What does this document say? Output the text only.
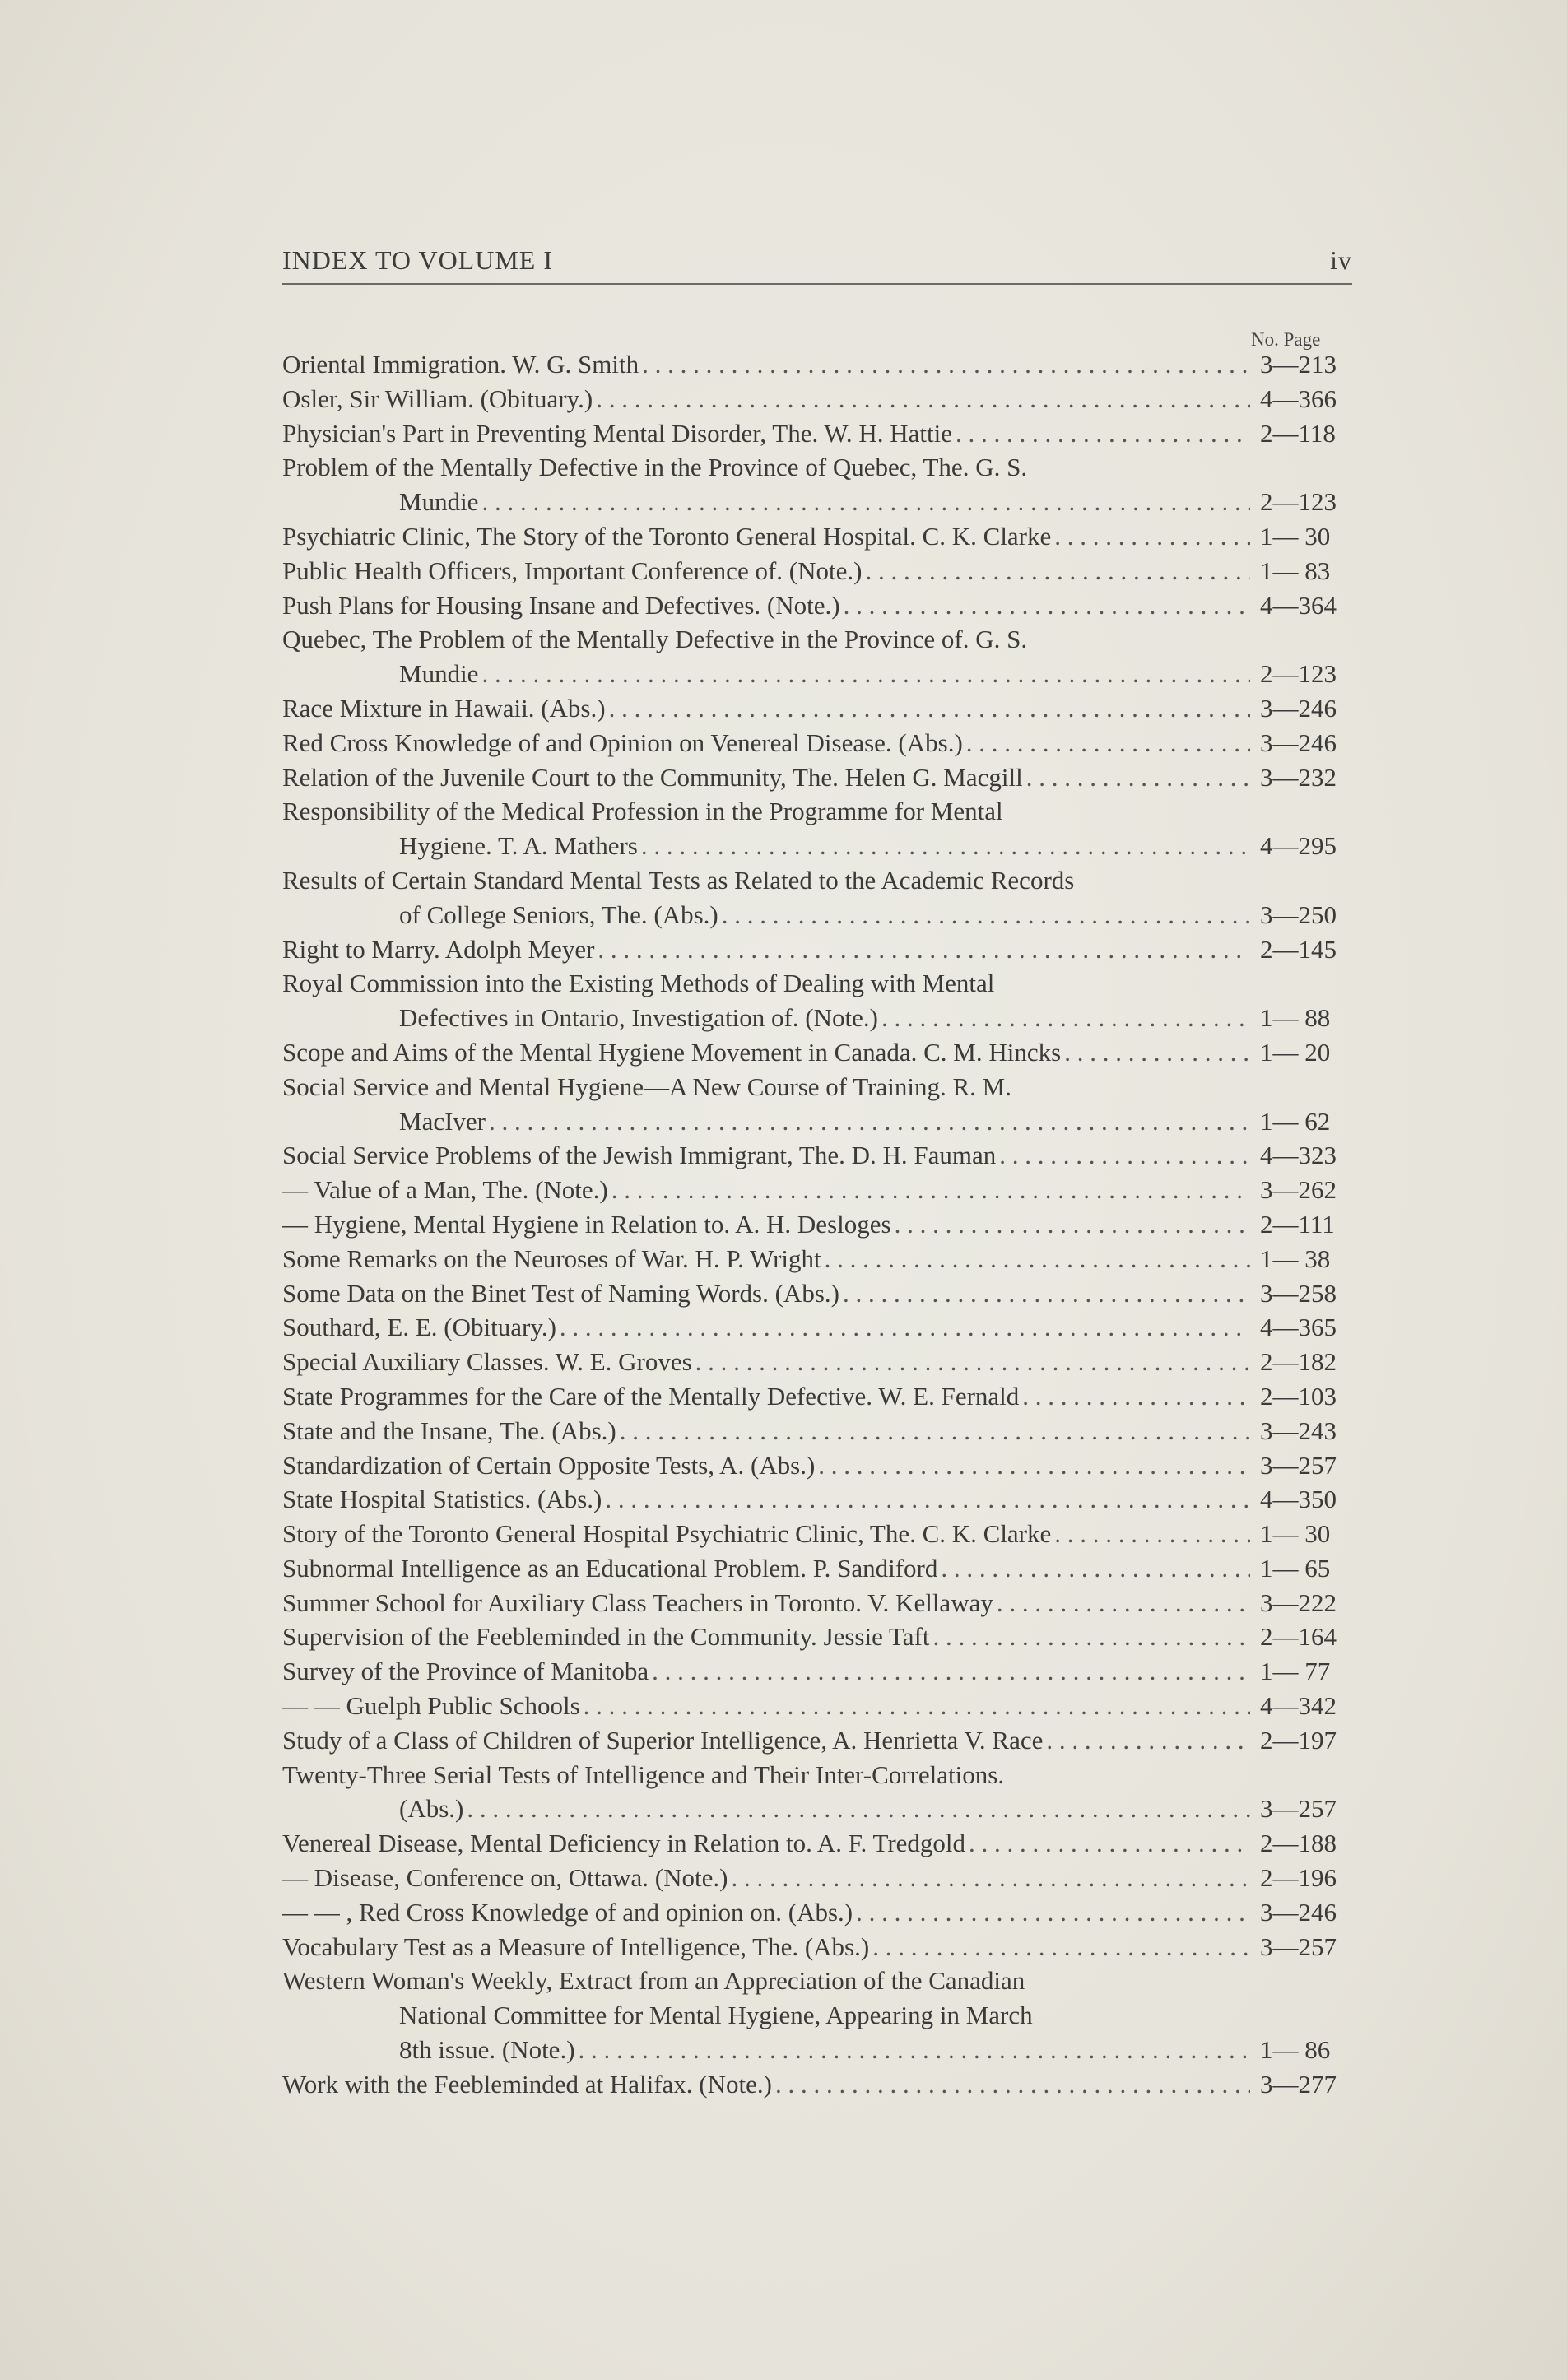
INDEX TO VOLUME I	iv
No. Page
Oriental Immigration. W. G. Smith . . .	3—213
Osler, Sir William. (Obituary.) . . .	4—366
Physician's Part in Preventing Mental Disorder, The. W. H. Hattie . . .	2—118
Problem of the Mentally Defective in the Province of Quebec, The. G. S.
Mundie . . .	2—123
Psychiatric Clinic, The Story of the Toronto General Hospital. C. K. Clarke . . .	1— 30
Public Health Officers, Important Conference of. (Note.) . . .	1— 83
Push Plans for Housing Insane and Defectives. (Note.) . . .	4—364
Quebec, The Problem of the Mentally Defective in the Province of. G. S.
Mundie . . .	2—123
Race Mixture in Hawaii. (Abs.) . . .	3—246
Red Cross Knowledge of and Opinion on Venereal Disease. (Abs.) . . .	3—246
Relation of the Juvenile Court to the Community, The. Helen G. Macgill . . .	3—232
Responsibility of the Medical Profession in the Programme for Mental
Hygiene. T. A. Mathers . . .	4—295
Results of Certain Standard Mental Tests as Related to the Academic Records
of College Seniors, The. (Abs.) . . .	3—250
Right to Marry. Adolph Meyer . . .	2—145
Royal Commission into the Existing Methods of Dealing with Mental
Defectives in Ontario, Investigation of. (Note.) . . .	1— 88
Scope and Aims of the Mental Hygiene Movement in Canada. C. M. Hincks . . .	1— 20
Social Service and Mental Hygiene—A New Course of Training. R. M.
MacIver . . .	1— 62
Social Service Problems of the Jewish Immigrant, The. D. H. Fauman . . .	4—323
— Value of a Man, The. (Note.) . . .	3—262
— Hygiene, Mental Hygiene in Relation to. A. H. Desloges . . .	2—111
Some Remarks on the Neuroses of War. H. P. Wright . . .	1— 38
Some Data on the Binet Test of Naming Words. (Abs.) . . .	3—258
Southard, E. E. (Obituary.) . . .	4—365
Special Auxiliary Classes. W. E. Groves . . .	2—182
State Programmes for the Care of the Mentally Defective. W. E. Fernald . . .	2—103
State and the Insane, The. (Abs.) . . .	3—243
Standardization of Certain Opposite Tests, A. (Abs.) . . .	3—257
State Hospital Statistics. (Abs.) . . .	4—350
Story of the Toronto General Hospital Psychiatric Clinic, The. C. K. Clarke . . .	1— 30
Subnormal Intelligence as an Educational Problem. P. Sandiford . . .	1— 65
Summer School for Auxiliary Class Teachers in Toronto. V. Kellaway . . .	3—222
Supervision of the Feebleminded in the Community. Jessie Taft . . .	2—164
Survey of the Province of Manitoba . . .	1— 77
— — Guelph Public Schools . . .	4—342
Study of a Class of Children of Superior Intelligence, A. Henrietta V. Race . . .	2—197
Twenty-Three Serial Tests of Intelligence and Their Inter-Correlations.
(Abs.) . . .	3—257
Venereal Disease, Mental Deficiency in Relation to. A. F. Tredgold . . .	2—188
— Disease, Conference on, Ottawa. (Note.) . . .	2—196
— — , Red Cross Knowledge of and opinion on. (Abs.) . . .	3—246
Vocabulary Test as a Measure of Intelligence, The. (Abs.) . . .	3—257
Western Woman's Weekly, Extract from an Appreciation of the Canadian
National Committee for Mental Hygiene, Appearing in March
8th issue. (Note.) . . .	1— 86
Work with the Feebleminded at Halifax. (Note.) . . .	3—277
